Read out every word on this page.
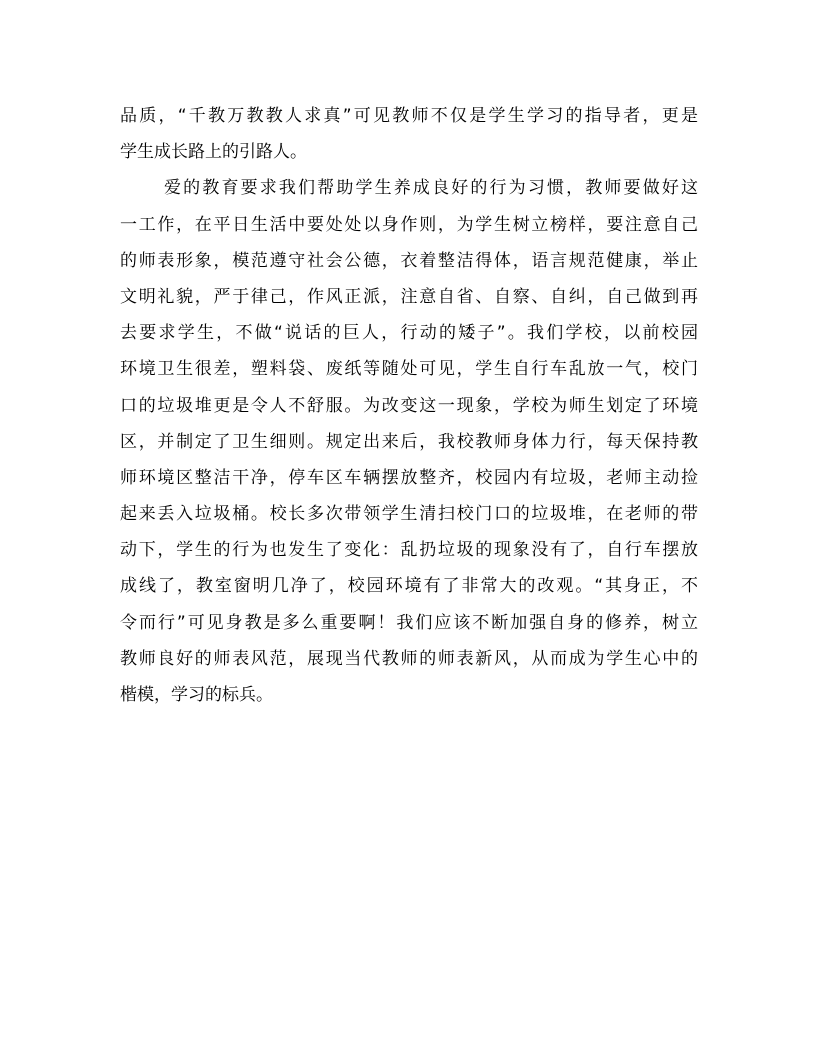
品质，“千教万教教人求真”可见教师不仅是学生学习的指导者，更是
学生成长路上的引路人。
爱的教育要求我们帮助学生养成良好的行为习惯，教师要做好这
一工作，在平日生活中要处处以身作则，为学生树立榜样，要注意自己
的师表形象，模范遵守社会公德，衣着整洁得体，语言规范健康，举止
文明礼貌，严于律己，作风正派，注意自省、自察、自纠，自己做到再
去要求学生，不做“说话的巨人，行动的矮子”。我们学校，以前校园
环境卫生很差，塑料袋、废纸等随处可见，学生自行车乱放一气，校门
口的垃圾堆更是令人不舒服。为改变这一现象，学校为师生划定了环境
区，并制定了卫生细则。规定出来后，我校教师身体力行，每天保持教
师环境区整洁干净，停车区车辆摆放整齐，校园内有垃圾，老师主动捡
起来丢入垃圾桶。校长多次带领学生清扫校门口的垃圾堆，在老师的带
动下，学生的行为也发生了变化：乱扔垃圾的现象没有了，自行车摆放
成线了，教室窗明几净了，校园环境有了非常大的改观。“其身正，不
令而行”可见身教是多么重要啊！我们应该不断加强自身的修养，树立
教师良好的师表风范，展现当代教师的师表新风，从而成为学生心中的
楷模，学习的标兵。
